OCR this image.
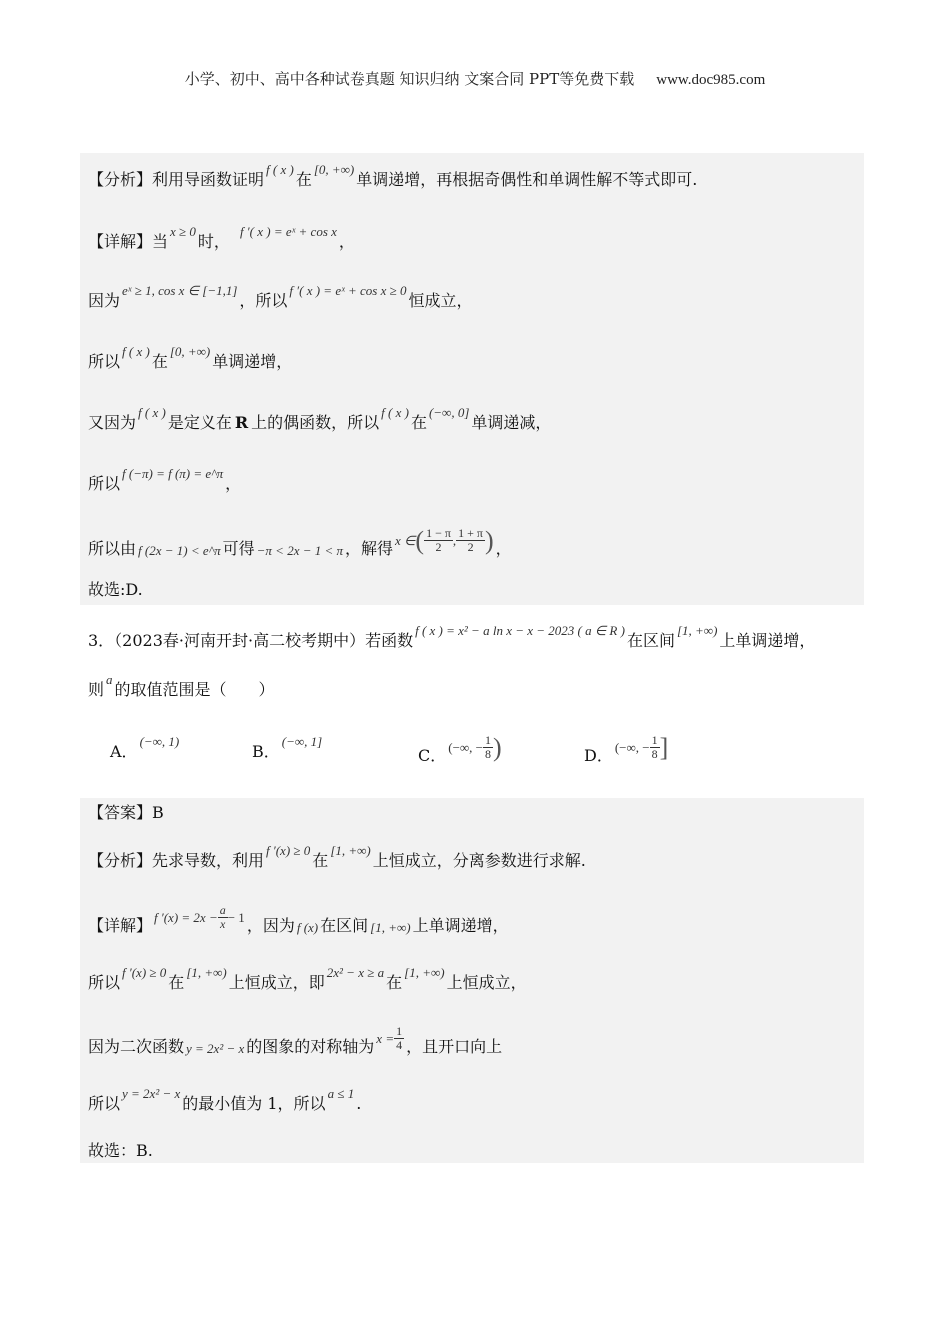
小学、初中、高中各种试卷真题 知识归纳 文案合同 PPT等免费下载 www.doc985.com
【分析】利用导函数证明
f ( x )
在
[0, +∞)
单调递增，再根据奇偶性和单调性解不等式即可.
【详解】当
x ≥ 0
时，
f ′( x ) = eˣ + cos x
，
因为
eˣ ≥ 1, cos x ∈ [−1,1]
，所以
f ′( x ) = eˣ + cos x ≥ 0
恒成立，
所以
f ( x )
在
[0, +∞)
单调递增，
又因为
f ( x )
是定义在 R 上的偶函数，所以
f ( x )
在
(−∞, 0]
单调递减，
所以
f (−π) = f (π) = e^π
，
所以由 f (2x − 1) < e^π 可得 −π < 2x − 1 < π ，解得 x ∈ ( $\frac{1 - \pi}{2}$ , $\frac{1 + \pi}{2}$ ) ，
故选:D.
3．（2023春·河南开封·高二校考期中）若函数
f ( x ) = x² − a ln x − x − 2023 ( a ∈ R )
在区间
[1, +∞)
上单调递增，
则
a
的取值范围是（　　）
A．
(−∞, 1)
B．
(−∞, 1]
C． (−∞, − $\frac{1}{8}$ )	D． (−∞, − $\frac{1}{8}$ ]
【答案】B
【分析】先求导数，利用
f ′(x) ≥ 0
在
[1, +∞)
上恒成立，分离参数进行求解.
【详解】 f $'(x) = 2x - \frac{a}{x} - 1$ ，因为 f (x) 在区间 [1, +∞) 上单调递增，
所以
f ′(x) ≥ 0
在
[1, +∞)
上恒成立，即
2x² − x ≥ a
在
[1, +∞)
上恒成立，
因为二次函数 y = 2x² − x 的图象的对称轴为 $x = \frac{1}{4}$ ，且开口向上
所以
y = 2x² − x
的最小值为 1，所以
a ≤ 1
.
故选：B.
